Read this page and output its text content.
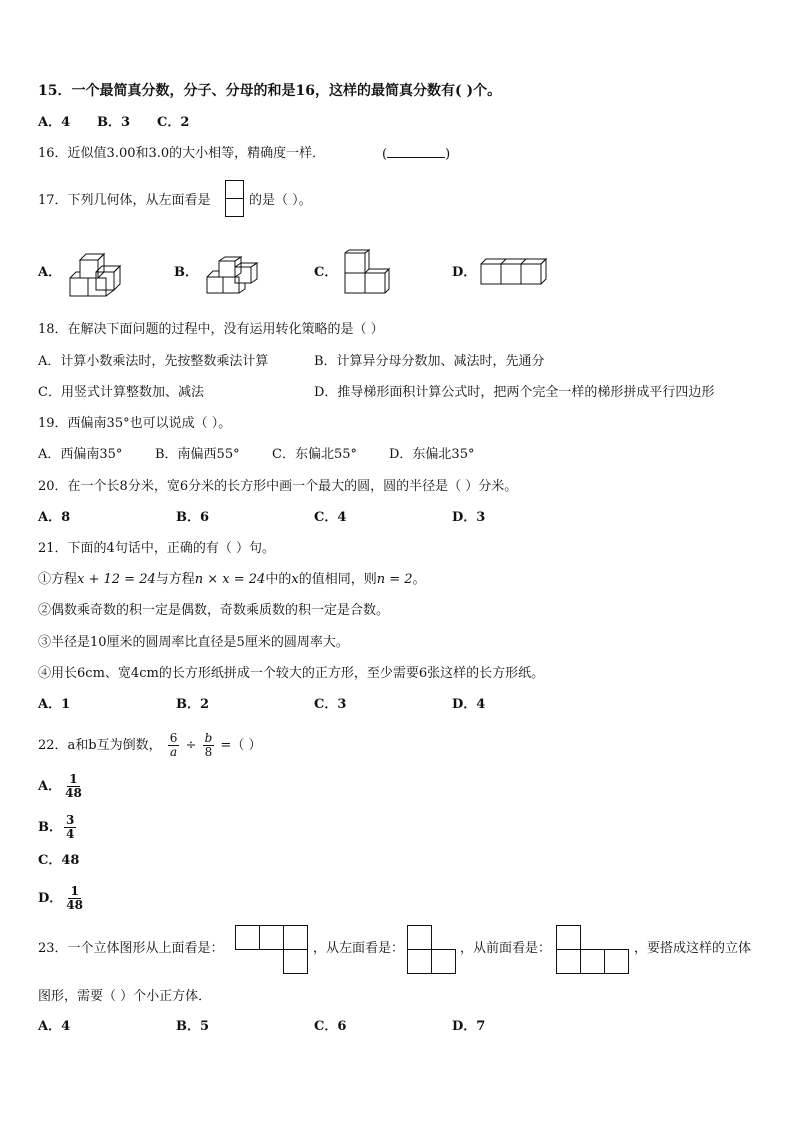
15．一个最简真分数，分子、分母的和是16，这样的最简真分数有( )个。
A．4 B．3 C．2
16．近似值3.00和3.0的大小相等，精确度一样．	(	)
17．下列几何体，从左面看是	的是（ ）。
A．	B．	C．	D．
18．在解决下面问题的过程中，没有运用转化策略的是（ ）
A．计算小数乘法时，先按整数乘法计算	B．计算异分母分数加、减法时，先通分
C．用竖式计算整数加、减法	D．推导梯形面积计算公式时，把两个完全一样的梯形拼成平行四边形
19．西偏南35°也可以说成（ ）。
A．西偏南35°	B．南偏西55° C．东偏北55° D．东偏北35°
20．在一个长8分米，宽6分米的长方形中画一个最大的圆，圆的半径是（ ）分米。
A．8	B．6	C．4	D．3
21．下面的4句话中，正确的有（ ）句。
①方程x + 12 = 24与方程n × x = 24中的x的值相同，则n = 2。
②偶数乘奇数的积一定是偶数，奇数乘质数的积一定是合数。
③半径是10厘米的圆周率比直径是5厘米的圆周率大。
④用长6cm、宽4cm的长方形纸拼成一个较大的正方形，至少需要6张这样的长方形纸。
A．1	B．2	C．3	D．4
22．a和b互为倒数， $\frac{6}{a} \div \frac{b}{8}$ =（ ）
A． $\frac{1}{48}$
B． $\frac{3}{4}$
C．48
D． $\frac{1}{48}$
23．一个立体图形从上面看是：	，从左面看是：	，从前面看是：	，要搭成这样的立体
图形，需要（ ）个小正方体．
A．4	B．5	C．6	D．7
